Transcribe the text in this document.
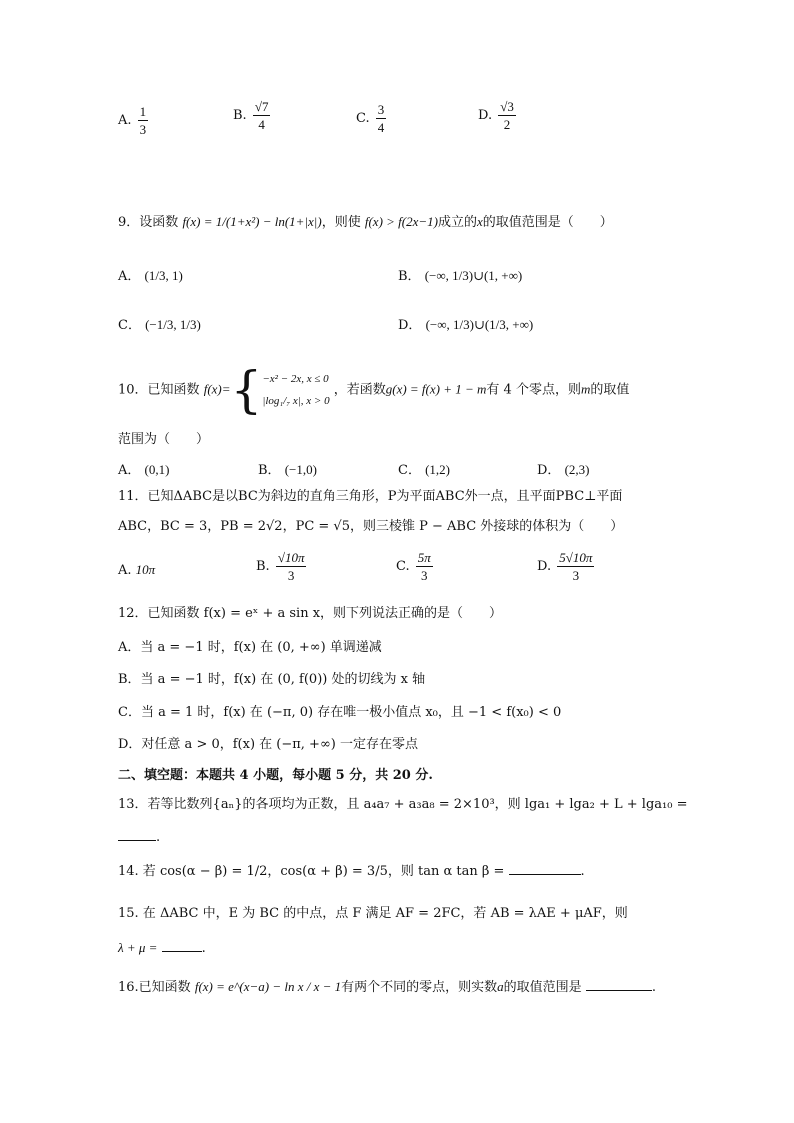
A. $\frac{1}{3}$	B. $\frac{√7}{4}$	C. $\frac{3}{4}$	D. $\frac{√3}{2}$
9．设函数 f(x) = 1/(1+x²) − ln(1+|x|)，则使 f(x) > f(2x−1)成立的x的取值范围是（　　）
A． (1/3, 1)	B． (−∞, 1/3)∪(1, +∞)
C． (−1/3, 1/3)	D． (−∞, 1/3)∪(1/3, +∞)
10．已知函数 f(x)={ −x² − 2x, x ≤ 0
|log₁/₇ x|, x > 0
，若函数g(x) = f(x) + 1 − m有 4 个零点，则m的取值
范围为（　　）
A． (0,1)	B． (−1,0)	C． (1,2)	D． (2,3)
11．已知ΔABC是以BC为斜边的直角三角形，P为平面ABC外一点，且平面PBC⊥平面
ABC，BC = 3，PB = 2√2，PC = √5，则三棱锥 P − ABC 外接球的体积为（　　）
A. 10π	B. $\frac{√10\pi}{3}$	C. $\frac{5\pi}{3}$	D. $\frac{5√10\pi}{3}$
12．已知函数 f(x) = eˣ + a sin x，则下列说法正确的是（　　）
A．当 a = −1 时，f(x) 在 (0, +∞) 单调递减
B．当 a = −1 时，f(x) 在 (0, f(0)) 处的切线为 x 轴
C．当 a = 1 时，f(x) 在 (−π, 0) 存在唯一极小值点 x₀，且 −1 < f(x₀) < 0
D．对任意 a > 0，f(x) 在 (−π, +∞) 一定存在零点
二、填空题：本题共 4 小题，每小题 5 分，共 20 分.
13．若等比数列{aₙ}的各项均为正数，且 a₄a₇ + a₃a₈ = 2×10³，则 lga₁ + lga₂ + L + lga₁₀ =
.
14. 若 cos(α − β) = 1/2，cos(α + β) = 3/5，则 tan α tan β =	.
15. 在 ΔABC 中，E 为 BC 的中点，点 F 满足 AF = 2FC，若 AB = λAE + μAF，则
λ + μ =	.
16.已知函数 f(x) = e^(x−a) − ln x / x − 1有两个不同的零点，则实数a的取值范围是	.
